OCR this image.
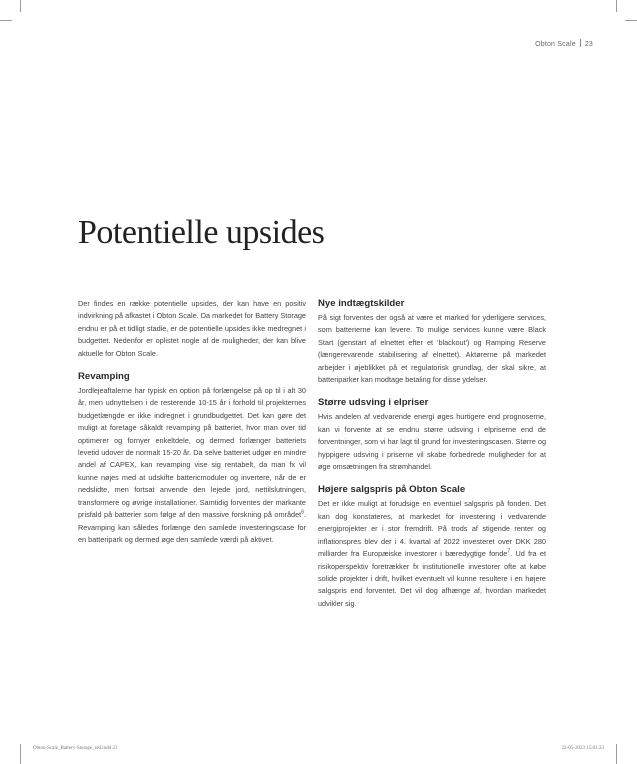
Obton Scale 23
Potentielle upsides

Der findes en række potentielle upsides, der kan have en positiv indvirkning på afkastet i Obton Scale. Da markedet for Battery Storage endnu er på et tidligt stadie, er de potentielle upsides ikke medregnet i budgettet. Nedenfor er oplistet nogle af de muligheder, der kan blive aktuelle for Obton Scale.

Revamping

Jordlejeaftalerne har typisk en option på forlængelse på op til i alt 30 år, men udnyttelsen i de resterende 10-15 år i forhold til projekternes budgetlængde er ikke indregnet i grundbudgettet. Det kan gøre det muligt at foretage såkaldt revamping på batteriet, hvor man over tid optimerer og fornyer enkeltdele, og dermed forlænger batteriets levetid udover de normalt 15-20 år. Da selve batteriet udgør en mindre andel af CAPEX, kan revamping vise sig rentabelt, da man fx vil kunne nøjes med at udskifte battericmoduler og invertere, når de er nedslidte, men fortsat anvende den lejede jord, nettilslutningen, transformere og øvrige installationer. Samtidig forventes der markante prisfald på batterier som følge af den massive forskning på området$^6$. Revamping kan således forlænge den samlede investeringscase for en batteripark og dermed øge den samlede værdi på aktivet.

Nye indtægtskilder

På sigt forventes der også at være et marked for yderligere services, som batterierne kan levere. To mulige services kunne være Black Start (genstart af elnettet efter et 'blackout') og Ramping Reserve (længerevarende stabilisering af elnettet). Aktørerne på markedet arbejder i øjeblikket på et regulatorisk grundlag, der skal sikre, at batteriparker kan modtage betaling for disse ydelser.

Større udsving i elpriser

Hvis andelen af vedvarende energi øges hurtigere end prognoserne, kan vi forvente at se endnu større udsving i elpriserne end de forventninger, som vi har lagt til grund for investeringscasen. Større og hyppigere udsving i priserne vil skabe forbedrede muligheder for at øge omsætningen fra strømhandel.

Højere salgspris på Obton Scale

Det er ikke muligt at forudsige en eventuel salgspris på fonden. Det kan dog konstateres, at markedet for investering i vedvarende energiprojekter er i stor fremdrift. På trods af stigende renter og inflationspres blev der i 4. kvartal af 2022 investeret over DKK 280 milliarder fra Europæiske investorer i bæredygtige fonde$^7$. Ud fra et risikoperspektiv foretrækker fx institutionelle investorer ofte at købe solide projekter i drift, hvilket eventuelt vil kunne resultere i en højere salgspris end forventet. Det vil dog afhænge af, hvordan markedet udvikler sig.

Obton-Scale_Battery-Storage_red.indd 23	22-05-2023 15:01:23
